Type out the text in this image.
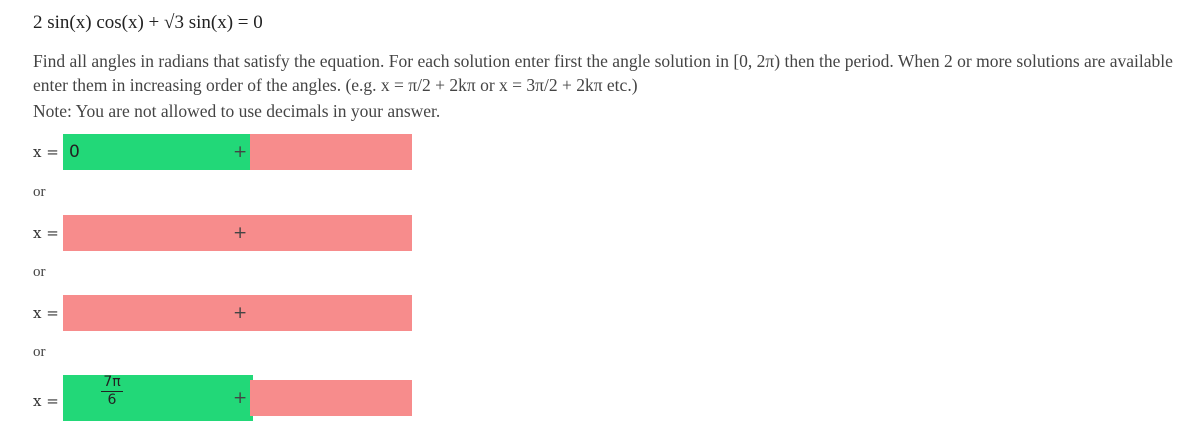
2 sin(x) cos(x) + √3 sin(x) = 0

Find all angles in radians that satisfy the equation. For each solution enter first the angle solution in [0, 2π) then the period. When 2 or more solutions are available enter them in increasing order of the angles. (e.g. x = π/2 + 2kπ or x = 3π/2 + 2kπ etc.)

Note: You are not allowed to use decimals in your answer.

x =
0	+
or
x =	+
or
x =	+
or
x =	$\frac{7\pi}{6}$	+
